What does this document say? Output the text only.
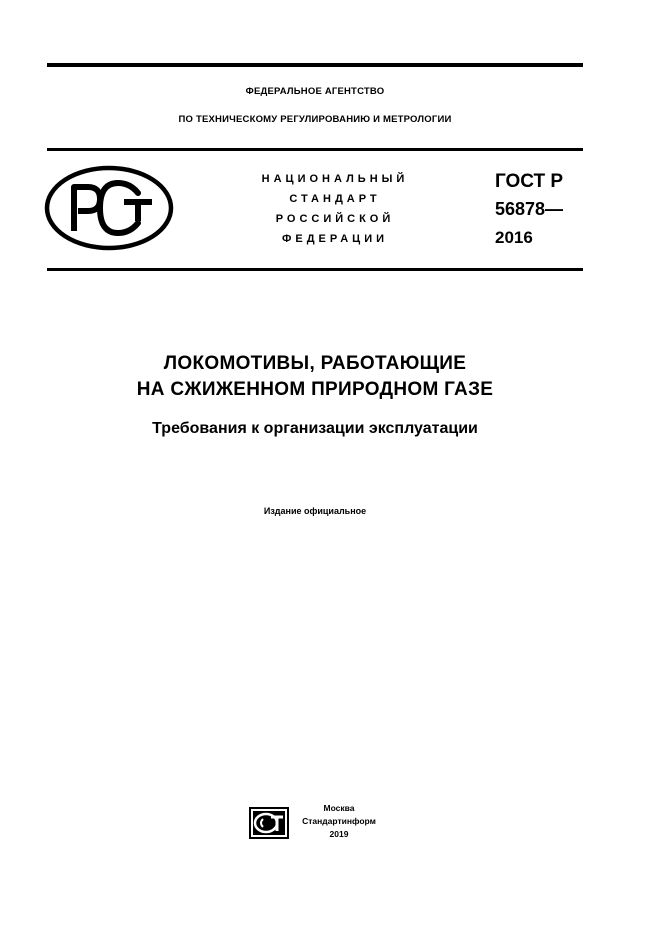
ФЕДЕРАЛЬНОЕ АГЕНТСТВО
ПО ТЕХНИЧЕСКОМУ РЕГУЛИРОВАНИЮ И МЕТРОЛОГИИ
НАЦИОНАЛЬНЫЙ
СТАНДАРТ
РОССИЙСКОЙ
ФЕДЕРАЦИИ
ГОСТ Р
56878—
2016
ЛОКОМОТИВЫ, РАБОТАЮЩИЕ
НА СЖИЖЕННОМ ПРИРОДНОМ ГАЗЕ
Требования к организации эксплуатации
Издание официальное
Москва
Стандартинформ
2019
